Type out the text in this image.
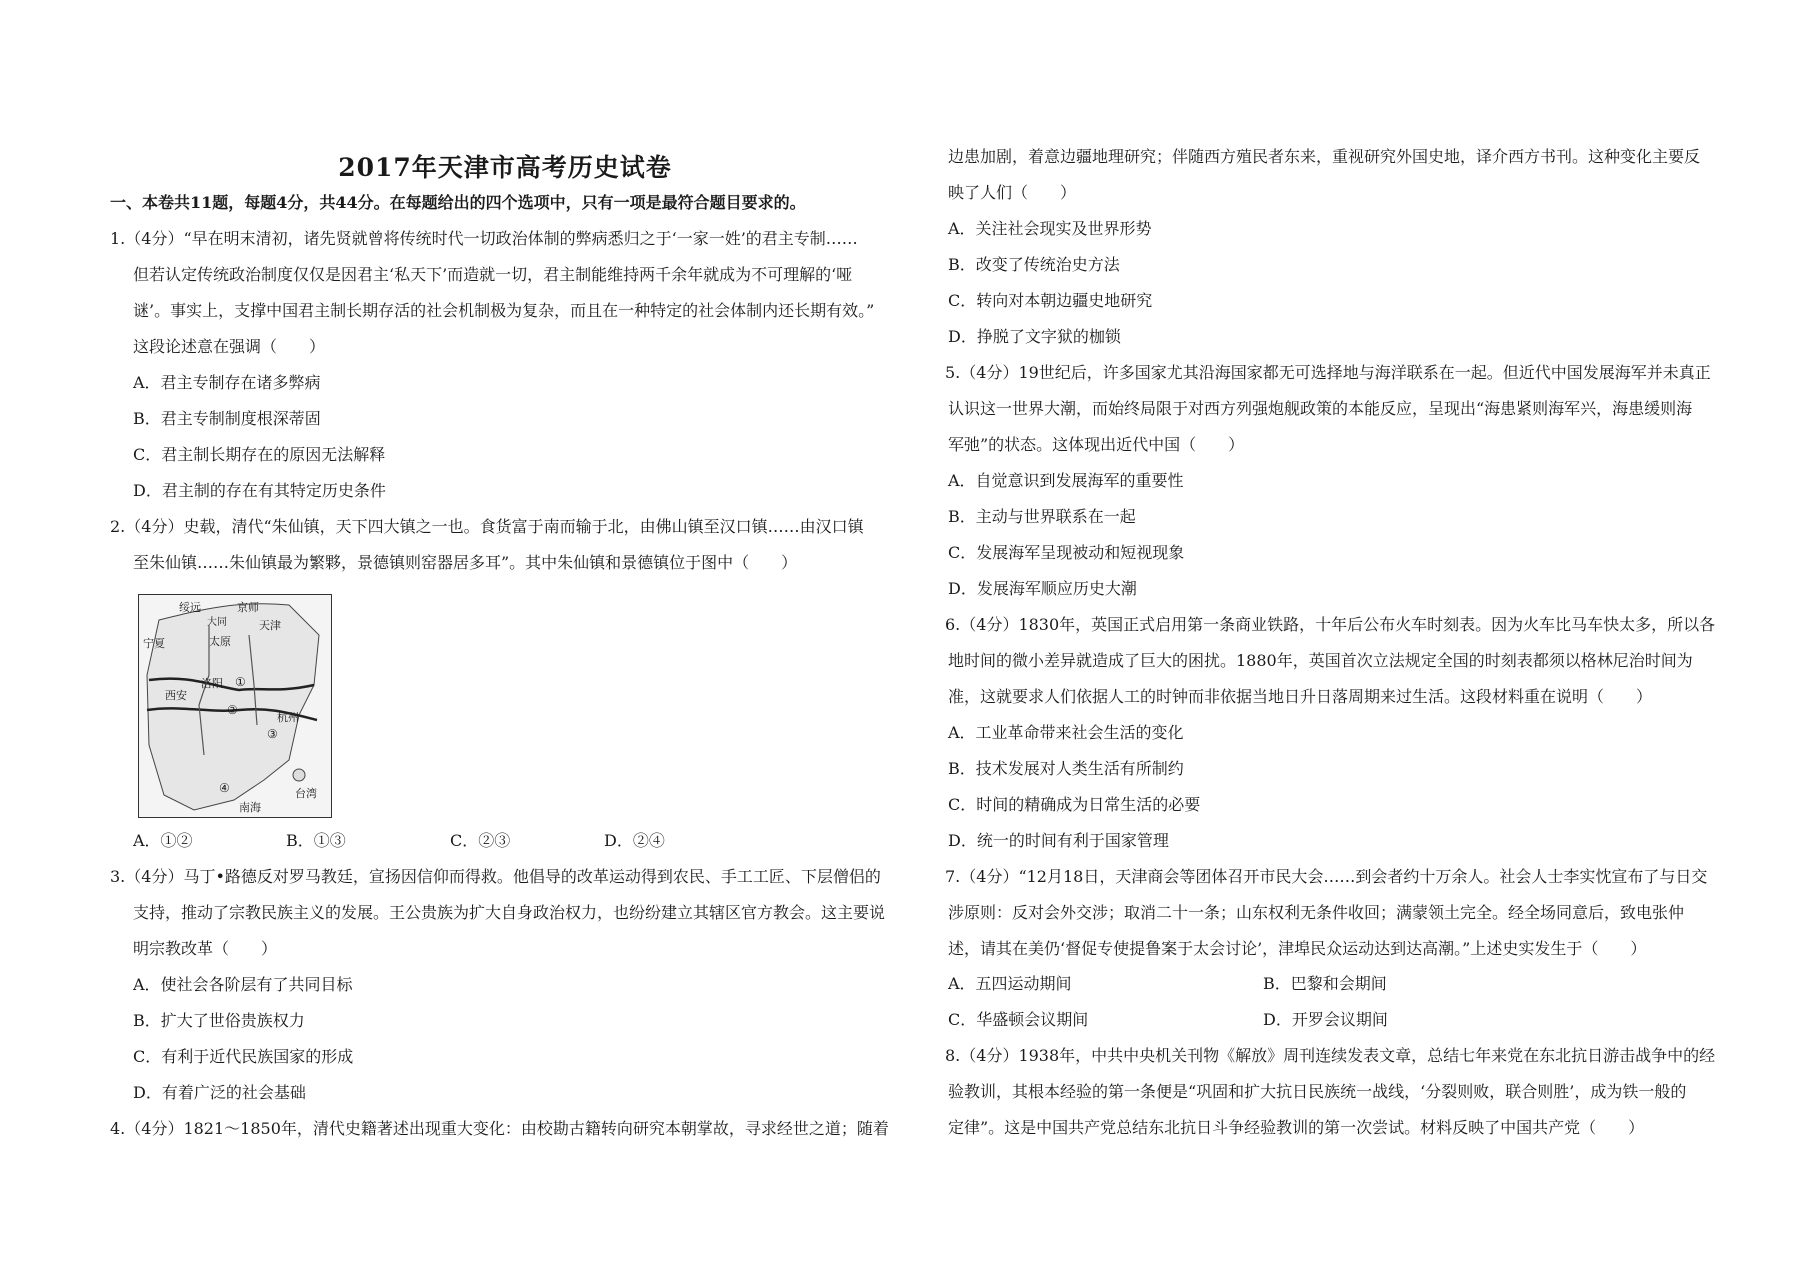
2017年天津市高考历史试卷
一、本卷共11题，每题4分，共44分。在每题给出的四个选项中，只有一项是最符合题目要求的。
1.（4分）“早在明末清初，诸先贤就曾将传统时代一切政治体制的弊病悉归之于‘一家一姓’的君主专制……
但若认定传统政治制度仅仅是因君主‘私天下’而造就一切，君主制能维持两千余年就成为不可理解的‘哑
谜’。事实上，支撑中国君主制长期存活的社会机制极为复杂，而且在一种特定的社会体制内还长期有效。”
这段论述意在强调（　　）
A．君主专制存在诸多弊病
B．君主专制制度根深蒂固
C．君主制长期存在的原因无法解释
D．君主制的存在有其特定历史条件
2.（4分）史载，清代“朱仙镇，天下四大镇之一也。食货富于南而输于北，由佛山镇至汉口镇……由汉口镇
至朱仙镇……朱仙镇最为繁夥，景德镇则窑器居多耳”。其中朱仙镇和景德镇位于图中（　　）
绥远	京师
大同	天津
宁夏	太原
西安
洛阳 ①
②
杭州
③
④	台湾
南海
A．①②	B．①③	C．②③	D．②④
3.（4分）马丁•路德反对罗马教廷，宣扬因信仰而得救。他倡导的改革运动得到农民、手工工匠、下层僧侣的
支持，推动了宗教民族主义的发展。王公贵族为扩大自身政治权力，也纷纷建立其辖区官方教会。这主要说
明宗教改革（　　）
A．使社会各阶层有了共同目标
B．扩大了世俗贵族权力
C．有利于近代民族国家的形成
D．有着广泛的社会基础
4.（4分）1821～1850年，清代史籍著述出现重大变化：由校勘古籍转向研究本朝掌故，寻求经世之道；随着
边患加剧，着意边疆地理研究；伴随西方殖民者东来，重视研究外国史地，译介西方书刊。这种变化主要反
映了人们（　　）
A．关注社会现实及世界形势
B．改变了传统治史方法
C．转向对本朝边疆史地研究
D．挣脱了文字狱的枷锁
5.（4分）19世纪后，许多国家尤其沿海国家都无可选择地与海洋联系在一起。但近代中国发展海军并未真正
认识这一世界大潮，而始终局限于对西方列强炮舰政策的本能反应，呈现出“海患紧则海军兴，海患缓则海
军弛”的状态。这体现出近代中国（　　）
A．自觉意识到发展海军的重要性
B．主动与世界联系在一起
C．发展海军呈现被动和短视现象
D．发展海军顺应历史大潮
6.（4分）1830年，英国正式启用第一条商业铁路，十年后公布火车时刻表。因为火车比马车快太多，所以各
地时间的微小差异就造成了巨大的困扰。1880年，英国首次立法规定全国的时刻表都须以格林尼治时间为
准，这就要求人们依据人工的时钟而非依据当地日升日落周期来过生活。这段材料重在说明（　　）
A．工业革命带来社会生活的变化
B．技术发展对人类生活有所制约
C．时间的精确成为日常生活的必要
D．统一的时间有利于国家管理
7.（4分）“12月18日，天津商会等团体召开市民大会……到会者约十万余人。社会人士李实忱宣布了与日交
涉原则：反对会外交涉；取消二十一条；山东权利无条件收回；满蒙领土完全。经全场同意后，致电张仲
述，请其在美仍‘督促专使提鲁案于太会讨论’，津埠民众运动达到达高潮。”上述史实发生于（　　）
A．五四运动期间	B．巴黎和会期间
C．华盛顿会议期间	D．开罗会议期间
8.（4分）1938年，中共中央机关刊物《解放》周刊连续发表文章，总结七年来党在东北抗日游击战争中的经
验教训，其根本经验的第一条便是“巩固和扩大抗日民族统一战线，‘分裂则败，联合则胜’，成为铁一般的
定律”。这是中国共产党总结东北抗日斗争经验教训的第一次尝试。材料反映了中国共产党（　　）
